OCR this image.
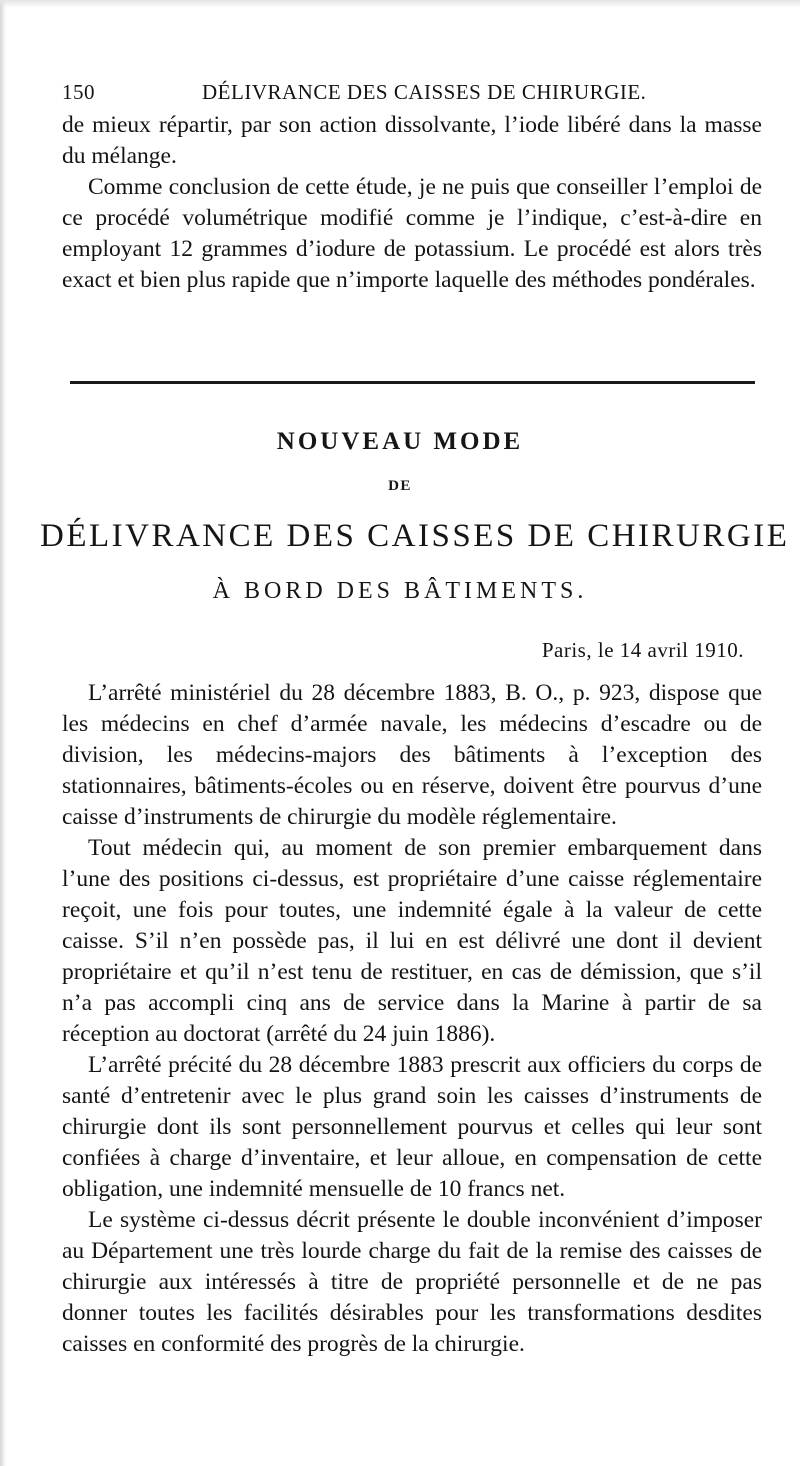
150	DÉLIVRANCE DES CAISSES DE CHIRURGIE.

de mieux répartir, par son action dissolvante, l’iode libéré dans la masse du mélange.

Comme conclusion de cette étude, je ne puis que conseiller l’emploi de ce procédé volumétrique modifié comme je l’indique, c’est-à-dire en employant 12 grammes d’iodure de potassium. Le procédé est alors très exact et bien plus rapide que n’importe laquelle des méthodes pondérales.

NOUVEAU MODE
DE
DÉLIVRANCE DES CAISSES DE CHIRURGIE
À BORD DES BÂTIMENTS.
Paris, le 14 avril 1910.

L’arrêté ministériel du 28 décembre 1883, B. O., p. 923, dispose que les médecins en chef d’armée navale, les médecins d’escadre ou de division, les médecins-majors des bâtiments à l’exception des stationnaires, bâtiments-écoles ou en réserve, doivent être pourvus d’une caisse d’instruments de chirurgie du modèle réglementaire.

Tout médecin qui, au moment de son premier embarquement dans l’une des positions ci-dessus, est propriétaire d’une caisse réglementaire reçoit, une fois pour toutes, une indemnité égale à la valeur de cette caisse. S’il n’en possède pas, il lui en est délivré une dont il devient propriétaire et qu’il n’est tenu de restituer, en cas de démission, que s’il n’a pas accompli cinq ans de service dans la Marine à partir de sa réception au doctorat (arrêté du 24 juin 1886).

L’arrêté précité du 28 décembre 1883 prescrit aux officiers du corps de santé d’entretenir avec le plus grand soin les caisses d’instruments de chirurgie dont ils sont personnellement pourvus et celles qui leur sont confiées à charge d’inventaire, et leur alloue, en compensation de cette obligation, une indemnité mensuelle de 10 francs net.

Le système ci-dessus décrit présente le double inconvénient d’imposer au Département une très lourde charge du fait de la remise des caisses de chirurgie aux intéressés à titre de propriété personnelle et de ne pas donner toutes les facilités désirables pour les transformations desdites caisses en conformité des progrès de la chirurgie.
